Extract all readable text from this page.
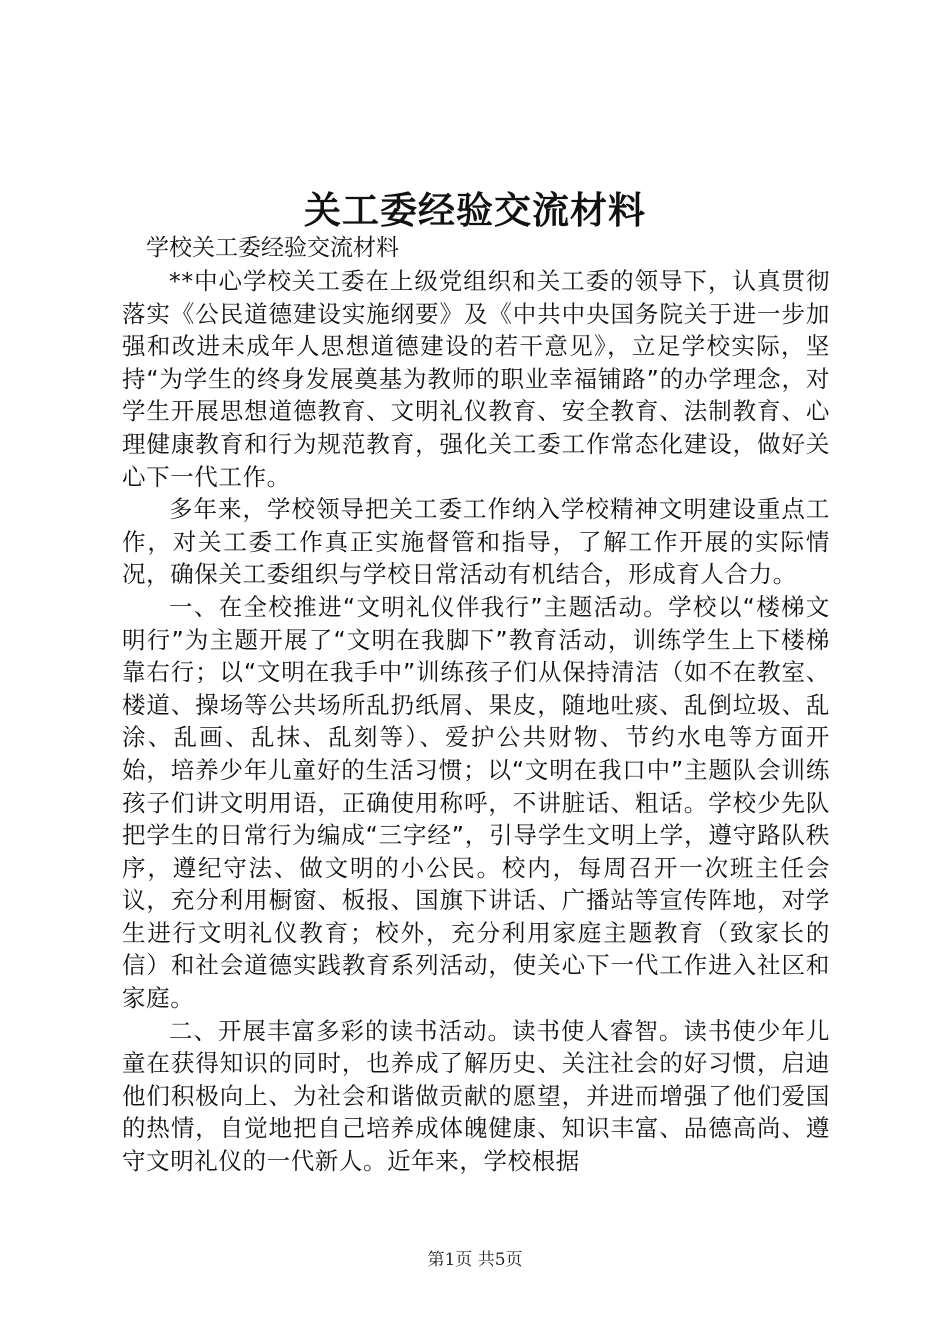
关工委经验交流材料
学校关工委经验交流材料

**中心学校关工委在上级党组织和关工委的领导下，认真贯彻落实《公民道德建设实施纲要》及《中共中央国务院关于进一步加强和改进未成年人思想道德建设的若干意见》，立足学校实际，坚持“为学生的终身发展奠基为教师的职业幸福铺路”的办学理念，对学生开展思想道德教育、文明礼仪教育、安全教育、法制教育、心理健康教育和行为规范教育，强化关工委工作常态化建设，做好关心下一代工作。

多年来，学校领导把关工委工作纳入学校精神文明建设重点工作，对关工委工作真正实施督管和指导，了解工作开展的实际情况，确保关工委组织与学校日常活动有机结合，形成育人合力。

一、在全校推进“文明礼仪伴我行”主题活动。学校以“楼梯文明行”为主题开展了“文明在我脚下”教育活动，训练学生上下楼梯靠右行；以“文明在我手中”训练孩子们从保持清洁（如不在教室、楼道、操场等公共场所乱扔纸屑、果皮，随地吐痰、乱倒垃圾、乱涂、乱画、乱抹、乱刻等）、爱护公共财物、节约水电等方面开始，培养少年儿童好的生活习惯；以“文明在我口中”主题队会训练孩子们讲文明用语，正确使用称呼，不讲脏话、粗话。学校少先队把学生的日常行为编成“三字经”，引导学生文明上学，遵守路队秩序，遵纪守法、做文明的小公民。校内，每周召开一次班主任会议，充分利用橱窗、板报、国旗下讲话、广播站等宣传阵地，对学生进行文明礼仪教育；校外，充分利用家庭主题教育（致家长的信）和社会道德实践教育系列活动，使关心下一代工作进入社区和家庭。

二、开展丰富多彩的读书活动。读书使人睿智。读书使少年儿童在获得知识的同时，也养成了解历史、关注社会的好习惯，启迪他们积极向上、为社会和谐做贡献的愿望，并进而增强了他们爱国的热情，自觉地把自己培养成体魄健康、知识丰富、品德高尚、遵守文明礼仪的一代新人。近年来，学校根据

第1页 共5页
